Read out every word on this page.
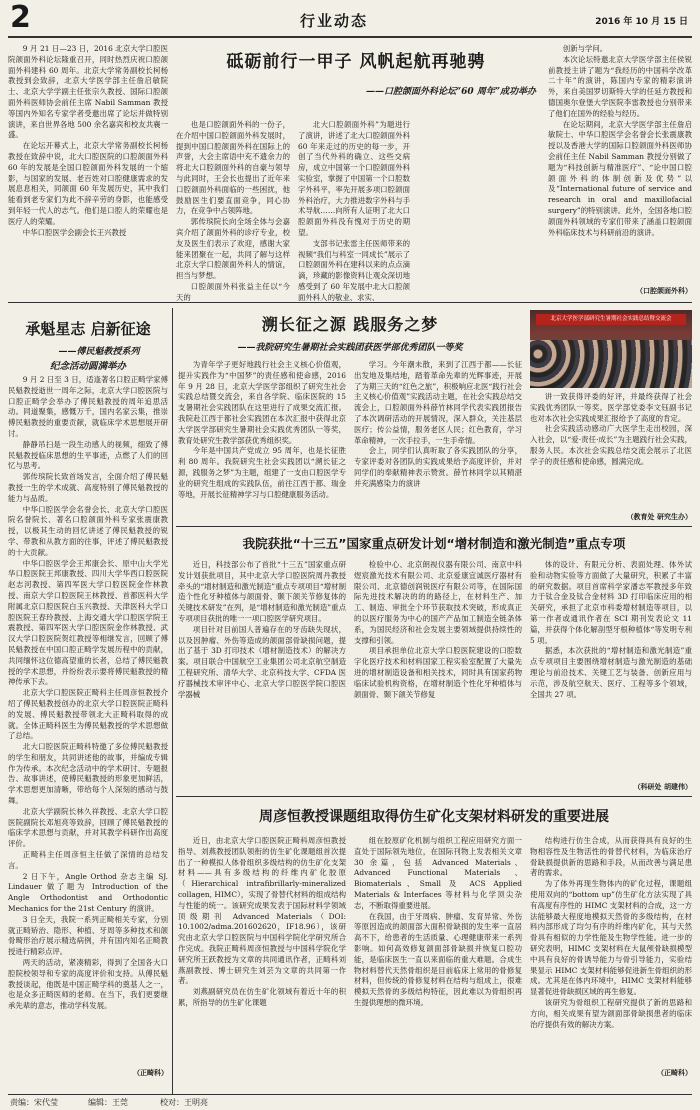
2	行业动态	2016 年 10 月 15 日

9 月 21 日—23 日，2016 北京大学口腔医院颌面外科论坛隆重召开，同时热烈庆祝口腔颌面外科建科 60 周年。北京大学常务副校长柯杨教授到会致辞，北京大学医学部主任詹启敏院士、北京大学学副主任张宗久教授、国际口腔颌面外科医师协会前任主席 Nabil Samman 教授等国内外知名专家学者受邀出席了论坛并做特别演讲，来自世界各地 500 余名嘉宾和校友共襄一盛。

在论坛开幕式上，北京大学常务副校长柯杨教授在致辞中说，北大口腔医院的口腔颌面外科 60 年的发展是全国口腔颌面外科发展的一个缩影，与国家的发展、老百姓对口腔健康需求的发展息息相关，同颌面 60 年发展历史，其中我们能看到老专家们为此不辞辛劳的身影，也能感受到年轻一代人的志气。他们是口腔人的荣耀也是医疗人的荣耀。

中华口腔医学会副会长王兴教授

砥砺前行一甲子 风帆起航再驰骋
——口腔颌面外科论坛“60 周年”成功举办

也是口腔颌面外科的一份子，在介绍中国口腔颌面外科发展时，提到中国口腔颌面外科在国际上的声誉，大会主席语中充不遗余力的将北大口腔颌面外科的自豪与领导与此同时，王会长也提出了近年来口腔颌面外科面临的一些困扰，他鼓励医生们要直面竞争，同心协力，在竞争中占领阵地。

郭传瑸院长向全场全体与会嘉宾介绍了颌面外科的诊疗专业，校友及医生们表示了欢迎，感谢大家能来团聚在一起，共同了解与这样北京大学口腔颌面外科人的情谊，担当与梦想。

口腔颌面外科张益主任以“今天的

北大口腔颌面外科”为题进行了演讲，讲述了北大口腔颌面外科 60 年来走过的历史的每一步，开创了当代外科的确立、这些交病房，成立中国第一个口腔颌面外科实验室，掌握了中国第一个口腔数字外科平，率先开展多项口腔颌面外科治疗，大力推进数字外科与手术导航……向所有人证明了北大口腔颌面外科没有愧对于历史的期望。

支部书记张雷主任医师带来的视频“我们与科室一同成长”展示了口腔颌面外科在建科以来的点点滴滴，珍藏的影像资料让观众深切地感受到了 60 年发展中北大口腔颌面外科人的敬业、求实、

创新与学问。

本次论坛特邀北京大学医学部主任侯锐前教授主讲了题为“我经历的中国科学改革二十年”的演讲，陈国内专家的精彩演讲外，来自美国罗切斯特大学的任延方教授和德国奥尔登堡大学医院李雷教授也分别带来了他们在国外的经验与经历。

在论坛期间，北京大学医学部主任詹启敏院士、中华口腔医学会名誉会长张震康教授以及香港大学的国际口腔颌面外科医师协会前任主任 Nabil Samman 教授分别做了题为“科技创新与精准医疗”、“论中国口腔颌面外科的体制创新及优势”以及“International future of service and research in oral and maxillofacial surgery”的特别演讲。此外，全国各地口腔颌面外科领域的专家们带来了涵盖口腔颌面外科临床技术与科研前沿的演讲。

（口腔颌面外科）
承魁星志 启新征途
——傅民魁教授系列
纪念活动圆满举办

9 月 2 日至 3 日，适逢著名口腔正畸学家傅民魁教授逝世一周年之际，北京大学口腔医院与口腔正畸学会举办了傅民魁教授的周年追思活动。同道聚集，感慨万千，国内名家云集，推崇傅民魁教授的重要贡献，就临床学术思想展开研讨。

静静吊扫是一段生动感人的视频，细致了傅民魁教授临床思想的生平事迹，点燃了人们的回忆与思考。

郭传瑸院长致首场发言，全面介绍了傅民魁教授一生的学术成就、高度特别了傅民魁教授的能力与品质。

中华口腔医学会名誉会长、北京大学口腔医院名誉院长、著名口腔颌面外科专家张震康教授，以极其生动的回忆讲述了傅民魁教授的锐学、带教和从教方面的往事，评述了傅民魁教授的十大贡献。

中华口腔医学会王邦康会长、原中山大学光华口腔医院王邦康教授、四川大学华西口腔医院赵志河教授、第四军医大学口腔医院金作林教授、南京大学口腔医院王林教授、首都医科大学附属北京口腔医院白玉兴教授、天津医科大学口腔医院王春玲教授、上海交通大学口腔医学院王震教授、第四军医大学口腔医院金作林教授、武汉大学口腔医院贺红教授等相继发言，回顾了傅民魁教授在中国口腔正畸学发展历程中的贡献，共同缅怀这位德高望重的长者，总结了傅民魁教授的学术思想，并纷纷表示要将傅民魁教授的精神传承下去。

北京大学口腔医院正畸科主任周彦恒教授介绍了傅民魁教授创办的北京大学口腔医院正畸科的发展、傅民魁教授带领北大正畸科取得的成就。全体正畸科医生为傅民魁教授的学术思想做了总结。

北大口腔医院正畸科特邀了多位傅民魁教授的学生和朋友，共同讲述他的故事，并编成专辑作为传承。本次纪念活动中的学术研讨、专题报告、故事讲述，使傅民魁教授的形象更加鲜活，学术思想更加清晰，带给每个人深刻的感动与鼓舞。

北京大学副院长林久祥教授、北京大学口腔医院副院长邓旭亮等致辞，回顾了傅民魁教授的临床学术思想与贡献，并对其教学科研作出高度评价。

正畸科主任周彦恒主任做了深情的总结发言。

2 日下午，Angle Orthod 杂志主编 SJ. Lindauer 做了题为 Introduction of the Angle Orthodontist and Orthodontic Mechanics for the 21st Century 的演讲。

3 日全天，我院一系列正畸相关专家，分别就正畸矫治、隐形、种植、牙周等多种技术和颌骨畸形治疗展示精选病例，并有国内知名正畸教授进行精彩点评。

两天的活动，紧凑精彩，得到了全国各大口腔院校领导和专家的高度评价和支持。从傅民魁教授谈起，他既是中国正畸学科的奠基人之一，也是众多正畸医师的老师。在当下，我们更要继承先辈的意志，推动学科发展。

（正畸科）
溯长征之源 践服务之梦
——我院研究生暑期社会实践团获医学部优秀团队一等奖

为青年学子更好地践行社会主义核心价值观，提升实践作为“中国梦”的责任感和使命感，2016 年 9 月 28 日，北京大学医学部组织了研究生社会实践总结暨交流会，来自各学院、临床医院的 15 支暑期社会实践团队在这里进行了成果交流汇报。我院赴江西于都社会实践团在本次汇报中获得北京大学医学部研究生暑期社会实践优秀团队一等奖，教育处研究生教学部获优秀组织奖。

今年是中国共产党成立 95 周年，也是长征胜利 80 周年。我院研究生社会实践团以“溯长征之源，践服务之梦”为主题，组建了一支由口腔医学专业的研究生组成的实践队伍，前往江西于都、瑞金等地，开展长征精神学习与口腔健康服务活动。

学习。今年潮未散，来到了江西于都——长征出发地及集结地，踏着革命先辈的光辉事迹，开展了为期三天的“红色之旅”，积极响应北医“践行社会主义核心价值观”实践活动主题，在社会实践总结交流会上，口腔颌面外科薛竹林同学代表实践团报告了本次调研活动的开展情况，深入群众，关注基层医疗；传公益情，服务老区人民；红色教育，学习革命精神，一次手拉手，一生手牵情。

会上，同学们认真听取了各实践团队的分享，专家评委对各团队的实践成果给予高度评价，并对同学们的奉献精神表示赞赏。薛竹林同学以其精湛并充满感染力的演讲

北京大学医学部研究生暑期社会实践总结暨交流会

讲一致获得评委的好评，并最终获得了社会实践优秀团队一等奖。医学部党委李文钰副书记也对本次社会实践成果汇报给予了高度的肯定。

社会实践活动感动广大医学生走出校园，深入社会，以“爱·责任·成长”为主题践行社会实践，服务人民。本次社会实践总结交流会展示了北医学子的责任感和使命感，圆满完成。

（教育处 研究生办）
我院获批“十三五”国家重点研发计划“增材制造和激光制造”重点专项

近日，科技部公布了首批“十三五”国家重点研发计划获批项目，其中北京大学口腔医院周丹教授牵头的“增材制造和激光制造”重点专项项目“增材制造个性化牙种植体与颌面骨、颞下颌关节修复体的关键技术研发”在列，是“增材制造和激光制造”重点专项项目获批的唯一一项口腔医学研究项目。

项目针对目前国人普遍存在的牙齿缺失现状，以及因肿瘤、外伤等造成的颌面部骨缺损问题，提出了基于 3D 打印技术（增材制造技术）的解决方案。项目联合中国航空工业集团公司北京航空制造工程研究所、清华大学、北京科技大学、CFDA 医疗器械技术审评中心、北京大学口腔医学院口腔医学器械

检验中心、北京朗视仪器有限公司、南京中科煜宸激光技术有限公司、北京爱康宜诚医疗器材有限公司、北京德创润锐医疗有限公司等，在国际国际先进技术解决的的的路径上，在材料生产、加工、制造、审批全个环节获取技术突破，形成真正的以医疗服务为中心的国产产品加工制造全链条体系，为国民经济和社会发展主要领域提供持续性的支撑和引领。

项目承担单位北京大学口腔医院建设的口腔数字化医疗技术和材料国家工程实验室配置了大量先进的增材制造设备和相关技术，同时具有国家药物临床试验机构资格，在增材制造个性化牙种植体与颌面骨、颞下颌关节修复

体的设计、有限元分析、表面处理、体外试验和动物实验等方面做了大量研究，积累了丰富的研究数据。项目首席科学家潘志军教授多年致力于钛合金及钛合金材料 3D 打印临床应用的相关研究，承担了北京市科委增材制造等项目，以第一作者或通讯作者在 SCI 期刊发表论文 11 篇，并获得个体化解剖型牙根种植体“等发明专利 5 项。

据悉，本次获批的“增材制造和激光制造”重点专项项目主要围绕增材制造与激光制造的基础理论与前沿技术、关键工艺与装备、创新应用与示范，涉及航空航天、医疗、工程等多个领域，全国共 27 项。

（科研处 胡建伟）
周彦恒教授课题组取得仿生矿化支架材料研发的重要进展

近日，由北京大学口腔医院正畸科周彦恒教授指导、刘燕教授团队领衔的仿生矿化课题组首次提出了一种模拟人体骨组织多级结构的仿生矿化支架材料——具有多级结构的纤维内矿化胶原（Hierarchical intrafibrillarly-mineralized collagen, HIMC），实现了骨替代材料的组成结构与性能的统一。该研究成果发表于国际材料学领域顶级期刊 Advanced Materials（DOI: 10.1002/adma.201602620，IF18.96），该研究由北京大学口腔医院与中国科学院化学研究所合作完成。我院正畸科周彦恒教授与中国科学院化学研究所王跃教授为文章的共同通讯作者，正畸科刘燕副教授、博士研究生刘芸为文章的共同第一作者。

刘燕副研究员在仿生矿化领域有着近十年的积累，所指导的仿生矿化课题

组在胶原矿化机制与组织工程应用研究方面一直处于国际领先地位，在国际刊物上发表相关文章 30 余篇，包括 Advanced Materials、Advanced Functional Materials、Biomaterials、Small 及 ACS Applied Materials & Interfaces 等材料与化学顶尖杂志，不断取得重要进展。

在我国，由于牙周病、肿瘤、发育异常、外伤等原因造成的颌面部大面积骨缺损的发生率一直居高不下，给患者的生活质量、心理健康带来一系列影响。如何高效修复颌面部骨缺损并恢复口腔功能，是临床医生一直以来面临的重大难题。合成生物材料替代天然骨组织是目前临床上常用的骨修复材料，但传统的骨修复材料在结构与组成上，很难模拟天然骨的多级结构特征，因此难以为骨组织再生提供理想的微环境。

结构进行仿生合成，从而获得具有良好的生物相容性及生物活性的骨替代材料，为临床治疗骨缺损提供新的思路和手段，从而改善与满足患者的需求。

为了体外再现生物体内的矿化过程，课题组使用双向的“bottom up”仿生矿化方法实现了具有高度有序性的 HIMC 支架材料的合成，这一方法能够最大程度地模拟天然骨的多级结构，在材料内部形成了均匀有序的纤维内矿化，其与天然骨具有相似的力学性能及生物学性能。进一步的研究表明，HIMC 支架材料在大鼠颅骨缺损模型中具有良好的骨诱导能力与骨引导能力，实验结果显示 HIMC 支架材料能够促进新生骨组织的形成。尤其是在体内环境中，HIMC 支架材料能够显著促进骨缺损区域的再生修复。

该研究为骨组织工程研究提供了新的思路和方向，相关成果有望为颌面部骨缺损患者的临床治疗提供有效的解决方案。

（正畸科）
责编：宋代莹	编辑：王莞	校对：王明亮
